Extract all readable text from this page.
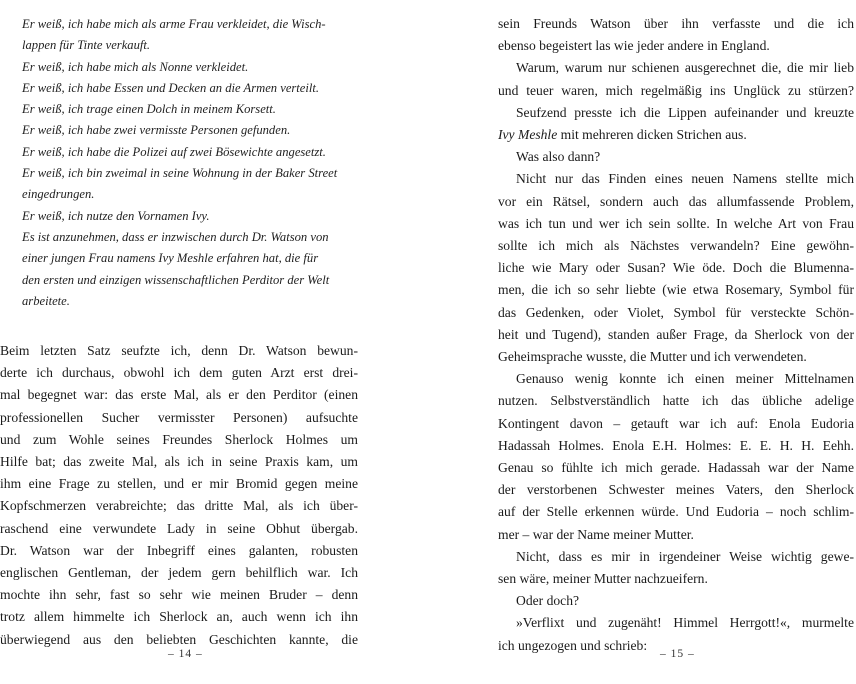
Er weiß, ich habe mich als arme Frau verkleidet, die Wisch-
lappen für Tinte verkauft.
Er weiß, ich habe mich als Nonne verkleidet.
Er weiß, ich habe Essen und Decken an die Armen verteilt.
Er weiß, ich trage einen Dolch in meinem Korsett.
Er weiß, ich habe zwei vermisste Personen gefunden.
Er weiß, ich habe die Polizei auf zwei Bösewichte angesetzt.
Er weiß, ich bin zweimal in seine Wohnung in der Baker Street
eingedrungen.
Er weiß, ich nutze den Vornamen Ivy.
Es ist anzunehmen, dass er inzwischen durch Dr. Watson von
einer jungen Frau namens Ivy Meshle erfahren hat, die für
den ersten und einzigen wissenschaftlichen Perditor der Welt
arbeitete.
Beim letzten Satz seufzte ich, denn Dr. Watson bewun-
derte ich durchaus, obwohl ich dem guten Arzt erst drei-
mal begegnet war: das erste Mal, als er den Perditor (einen
professionellen Sucher vermisster Personen) aufsuchte
und zum Wohle seines Freundes Sherlock Holmes um
Hilfe bat; das zweite Mal, als ich in seine Praxis kam, um
ihm eine Frage zu stellen, und er mir Bromid gegen meine
Kopfschmerzen verabreichte; das dritte Mal, als ich über-
raschend eine verwundete Lady in seine Obhut übergab.
Dr. Watson war der Inbegriff eines galanten, robusten
englischen Gentleman, der jedem gern behilflich war. Ich
mochte ihn sehr, fast so sehr wie meinen Bruder – denn
trotz allem himmelte ich Sherlock an, auch wenn ich ihn
überwiegend aus den beliebten Geschichten kannte, die
– 14 –
sein Freunds Watson über ihn verfasste und die ich
ebenso begeistert las wie jeder andere in England.
Warum, warum nur schienen ausgerechnet die, die mir lieb
und teuer waren, mich regelmäßig ins Unglück zu stürzen?
Seufzend presste ich die Lippen aufeinander und kreuzte
Ivy Meshle mit mehreren dicken Strichen aus.
Was also dann?
Nicht nur das Finden eines neuen Namens stellte mich
vor ein Rätsel, sondern auch das allumfassende Problem,
was ich tun und wer ich sein sollte. In welche Art von Frau
sollte ich mich als Nächstes verwandeln? Eine gewöhn-
liche wie Mary oder Susan? Wie öde. Doch die Blumenna-
men, die ich so sehr liebte (wie etwa Rosemary, Symbol für
das Gedenken, oder Violet, Symbol für versteckte Schön-
heit und Tugend), standen außer Frage, da Sherlock von der
Geheimsprache wusste, die Mutter und ich verwendeten.
Genauso wenig konnte ich einen meiner Mittelnamen
nutzen. Selbstverständlich hatte ich das übliche adelige
Kontingent davon – getauft war ich auf: Enola Eudoria
Hadassah Holmes. Enola E.H. Holmes: E. E. H. H. Eehh.
Genau so fühlte ich mich gerade. Hadassah war der Name
der verstorbenen Schwester meines Vaters, den Sherlock
auf der Stelle erkennen würde. Und Eudoria – noch schlim-
mer – war der Name meiner Mutter.
Nicht, dass es mir in irgendeiner Weise wichtig gewe-
sen wäre, meiner Mutter nachzueifern.
Oder doch?
»Verflixt und zugenäht! Himmel Herrgott!«, murmelte
ich ungezogen und schrieb:
– 15 –
